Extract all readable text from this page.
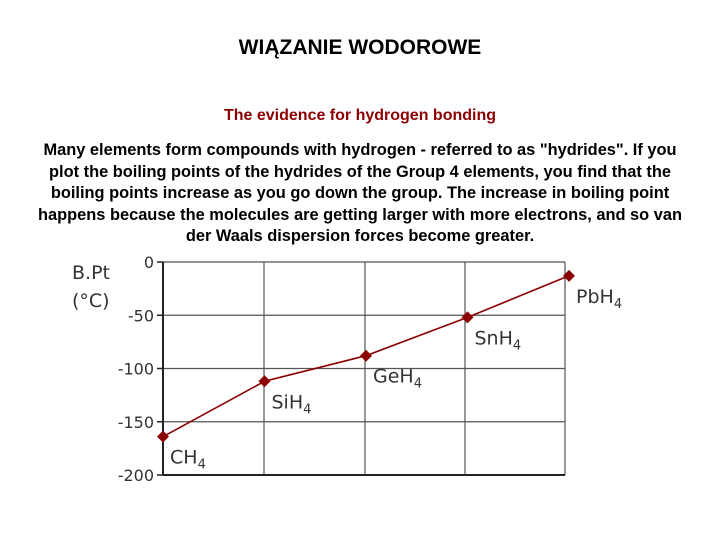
WIĄZANIE WODOROWE
The evidence for hydrogen bonding
Many elements form compounds with hydrogen - referred to as "hydrides". If you plot the boiling points of the hydrides of the Group 4 elements, you find that the boiling points increase as you go down the group. The increase in boiling point happens because the molecules are getting larger with more electrons, and so van der Waals dispersion forces become greater.
B.Pt
(°C)
0
-50
-100
-150
-200
$CH_4$
SiH$_4$
GeH$_4$
SnH$_4$
PbH$_4$
